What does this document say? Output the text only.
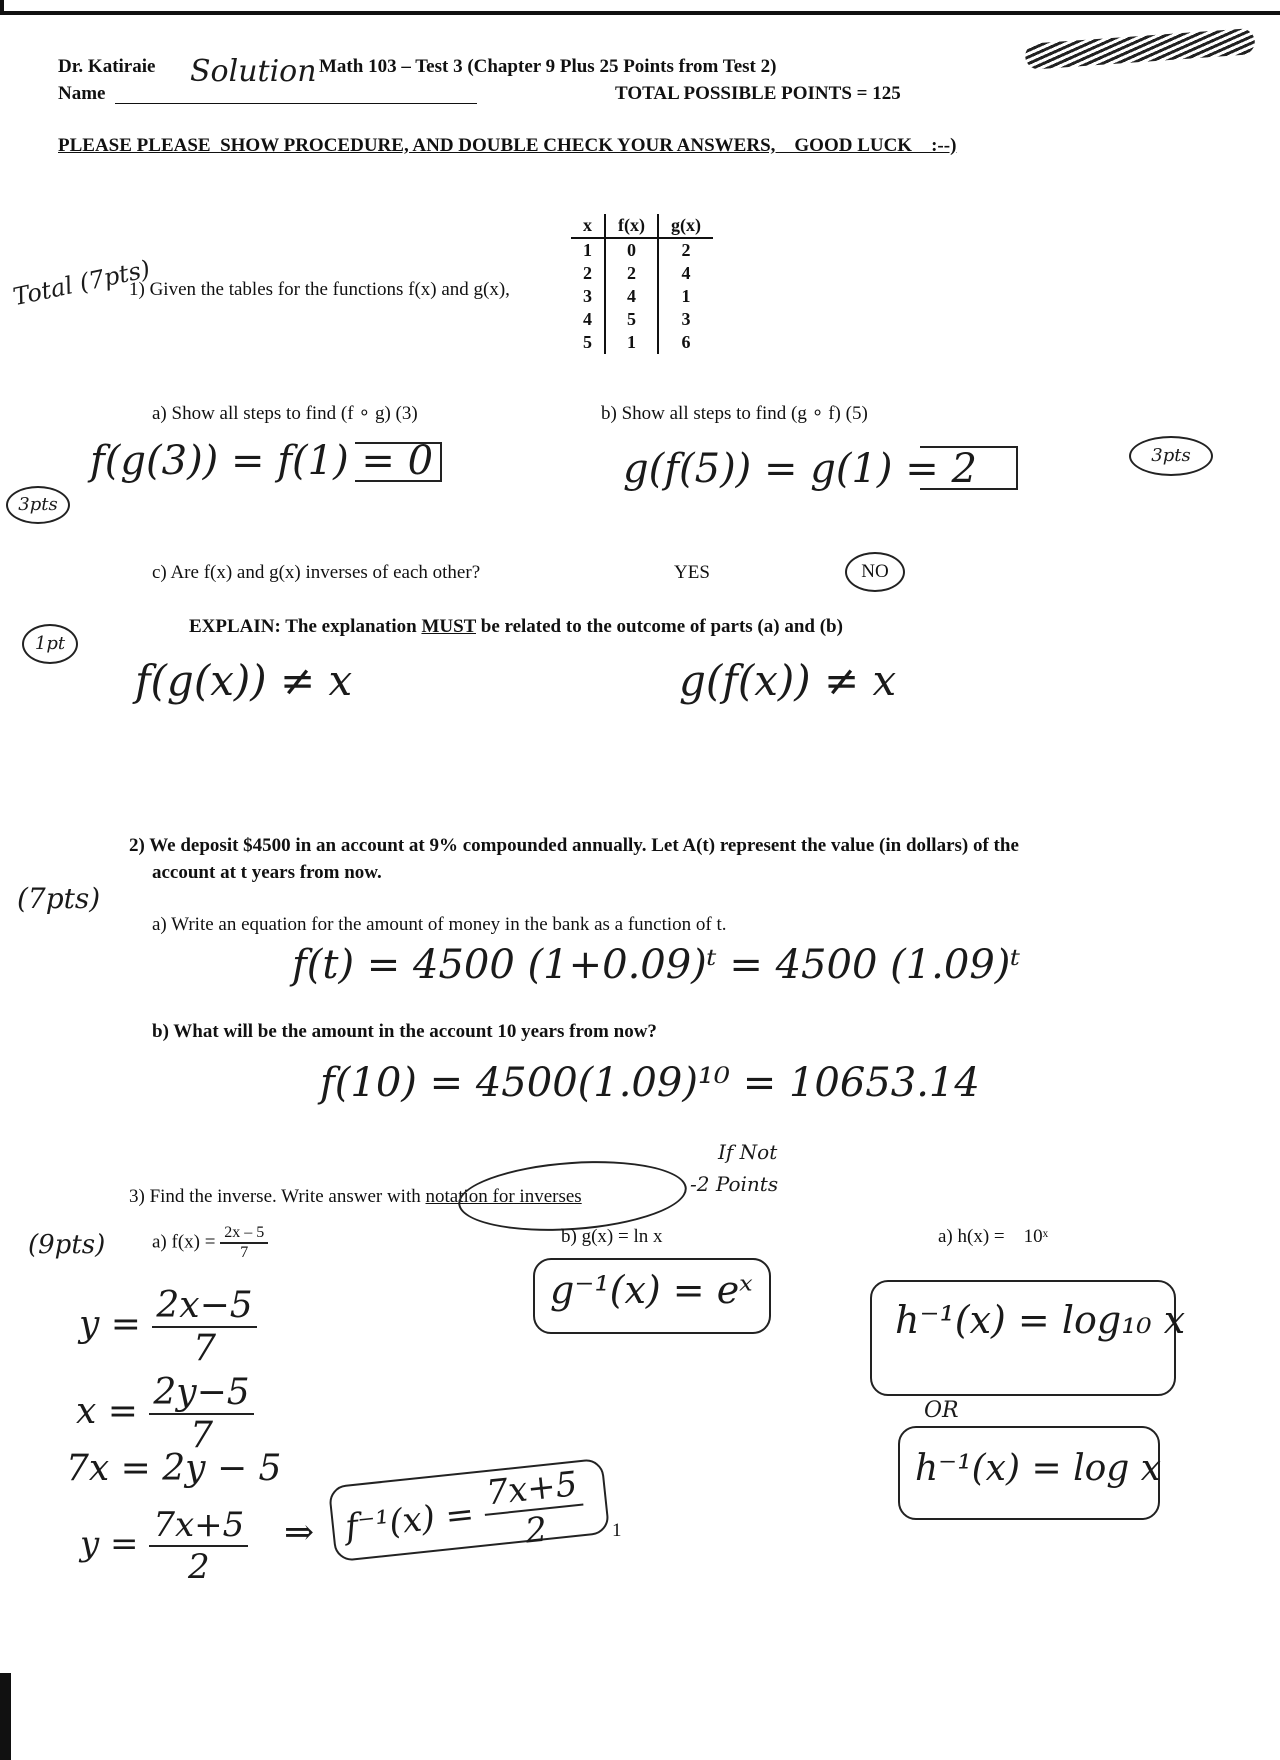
Dr. Katiraie Solution Math 103 – Test 3 (Chapter 9 Plus 25 Points from Test 2)
Name	TOTAL POSSIBLE POINTS = 125
PLEASE PLEASE  SHOW PROCEDURE, AND DOUBLE CHECK YOUR ANSWERS,    GOOD LUCK    :--)
Total (7pts)
1) Given the tables for the functions f(x) and g(x),
x	f(x)	g(x)
1	0	2
2	2	4
3	4	1
4	5	3
5	1	6
a) Show all steps to find (f ∘ g) (3)	b) Show all steps to find (g ∘ f) (5)
f(g(3)) = f(1) = 0
3pts
g(f(5)) = g(1) = 2	3pts
c) Are f(x) and g(x) inverses of each other?	YES	NO
1pt
EXPLAIN: The explanation MUST be related to the outcome of parts (a) and (b)
f(g(x)) ≠ x	g(f(x)) ≠ x
2) We deposit $4500 in an account at 9% compounded annually. Let A(t) represent the value (in dollars) of the
account at t years from now.
(7pts)
a) Write an equation for the amount of money in the bank as a function of t.
f(t) = 4500 (1+0.09)ᵗ = 4500 (1.09)ᵗ
b) What will be the amount in the account 10 years from now?
f(10) = 4500(1.09)¹⁰ = 10653.14
3) Find the inverse. Write answer with notation for inverses
If Not
-2 Points
(9pts) a) $f(x) = \frac{2x - 5}{7}$	b) g(x) = ln x	a) h(x) = 10ˣ
$y = \frac{2x-5}{7}$
$x = \frac{2y-5}{7}$
7x = 2y − 5
$y = \frac{7x+5}{2}$ ⇒ $f^{-1}(x) = \frac{7x+5}{2}$
g⁻¹(x) = eˣ
h⁻¹(x) = log₁₀ x
OR
h⁻¹(x) = log x
1
